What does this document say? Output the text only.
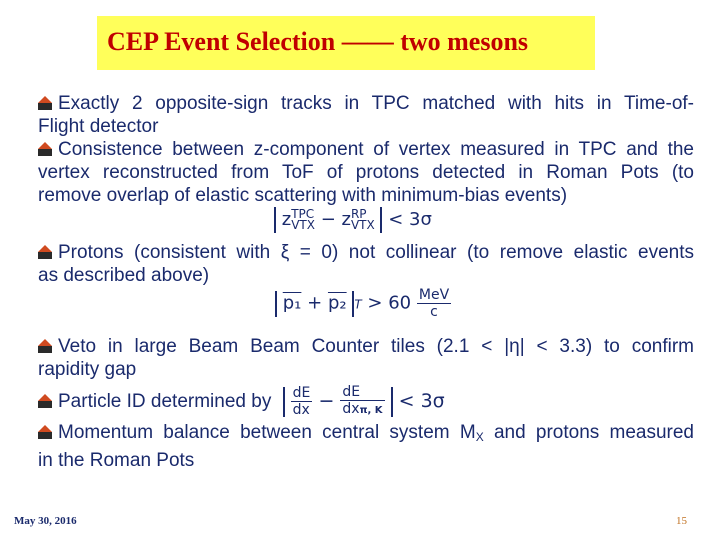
CEP Event Selection —— two mesons
Exactly 2 opposite-sign tracks in TPC matched with hits in Time-of-
Flight detector
Consistence between z-component of vertex measured in TPC and the
vertex reconstructed from ToF of protons detected in Roman Pots (to
remove overlap of elastic scattering with minimum-bias events)
z TPC
VTX − z RP
VTX < 3σ
Protons (consistent with ξ = 0) not collinear (to remove elastic events
as described above)
p₁ + p₂ $T > 60 \frac{\text{MeV}}{c}$
Veto in large Beam Beam Counter tiles (2.1 < |η| < 3.3) to confirm
rapidity gap
Particle ID determined by $\frac{dE}{dx} - \frac{dE}{\text{dxπ, K}} < 3\sigma$
Momentum balance between central system $M_X$ and protons measured
in the Roman Pots
May 30, 2016	15
